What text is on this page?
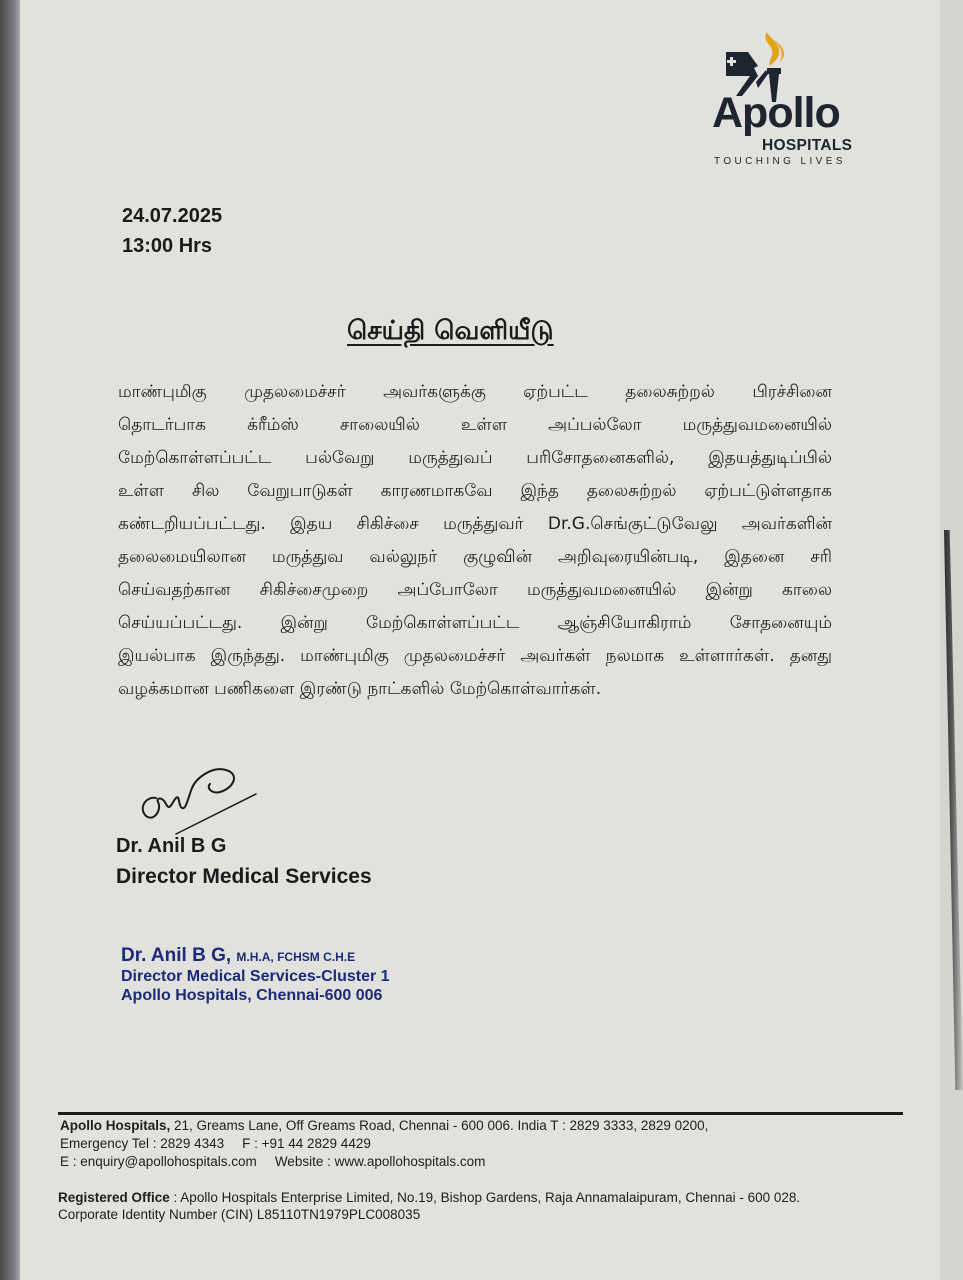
Apollo
HOSPITALS
TOUCHING LIVES
24.07.2025
13:00 Hrs
செய்தி வெளியீடு
மாண்புமிகு முதலமைச்சர் அவர்களுக்கு ஏற்பட்ட தலைசுற்றல் பிரச்சினை
தொடர்பாக க்ரீம்ஸ் சாலையில் உள்ள அப்பல்லோ மருத்துவமனையில்
மேற்கொள்ளப்பட்ட பல்வேறு மருத்துவப் பரிசோதனைகளில், இதயத்துடிப்பில்
உள்ள சில வேறுபாடுகள் காரணமாகவே இந்த தலைசுற்றல் ஏற்பட்டுள்ளதாக
கண்டறியப்பட்டது. இதய சிகிச்சை மருத்துவர் Dr.G.செங்குட்டுவேலு அவர்களின்
தலைமையிலான மருத்துவ வல்லுநர் குழுவின் அறிவுரையின்படி, இதனை சரி
செய்வதற்கான சிகிச்சைமுறை அப்போலோ மருத்துவமனையில் இன்று காலை
செய்யப்பட்டது. இன்று மேற்கொள்ளப்பட்ட ஆஞ்சியோகிராம் சோதனையும்
இயல்பாக இருந்தது. மாண்புமிகு முதலமைச்சர் அவர்கள் நலமாக உள்ளார்கள். தனது
வழக்கமான பணிகளை இரண்டு நாட்களில் மேற்கொள்வார்கள்.
Dr. Anil B G
Director Medical Services
Dr. Anil B G, M.H.A, FCHSM C.H.E
Director Medical Services-Cluster 1
Apollo Hospitals, Chennai-600 006
Apollo Hospitals, 21, Greams Lane, Off Greams Road, Chennai - 600 006. India T : 2829 3333, 2829 0200,
Emergency Tel : 2829 4343 F : +91 44 2829 4429
E : enquiry@apollohospitals.com Website : www.apollohospitals.com
Registered Office : Apollo Hospitals Enterprise Limited, No.19, Bishop Gardens, Raja Annamalaipuram, Chennai - 600 028.
Corporate Identity Number (CIN) L85110TN1979PLC008035
